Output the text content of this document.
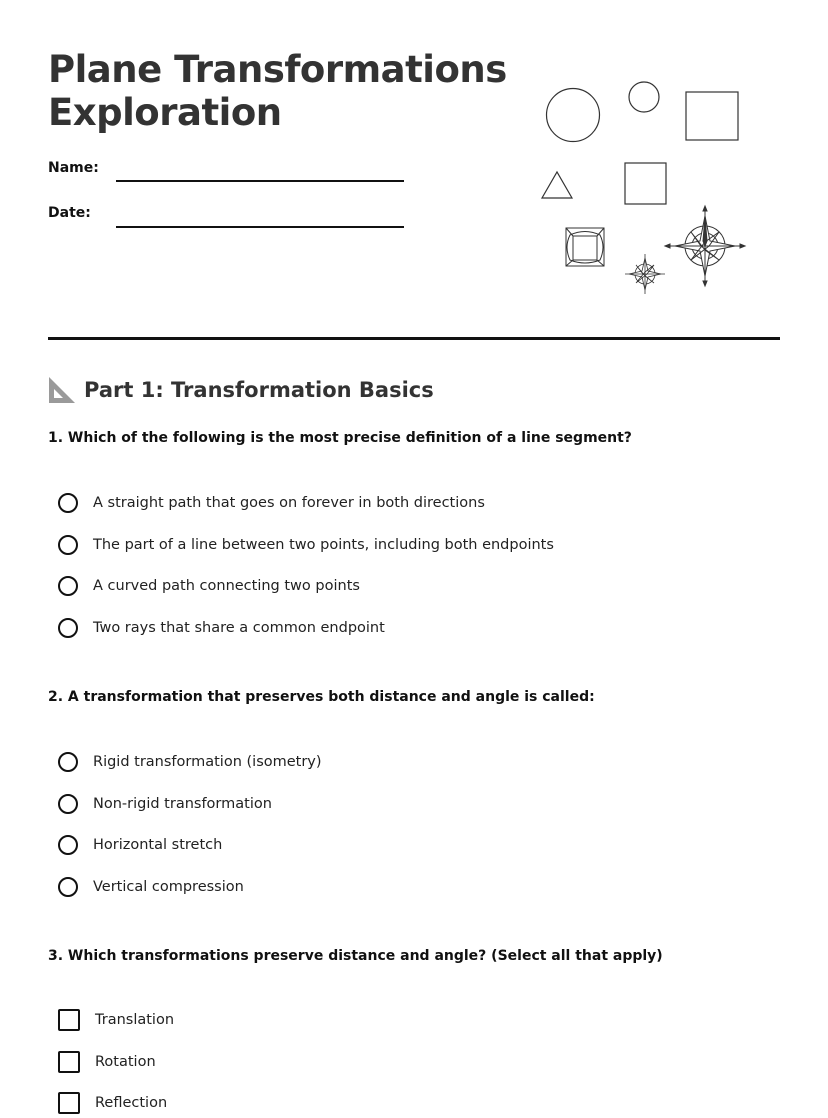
Plane Transformations Exploration
Name:
Date:
Part 1: Transformation Basics

1. Which of the following is the most precise definition of a line segment?

A straight path that goes on forever in both directions
The part of a line between two points, including both endpoints
A curved path connecting two points
Two rays that share a common endpoint

2. A transformation that preserves both distance and angle is called:

Rigid transformation (isometry)
Non-rigid transformation
Horizontal stretch
Vertical compression

3. Which transformations preserve distance and angle? (Select all that apply)

Translation
Rotation
Reflection
